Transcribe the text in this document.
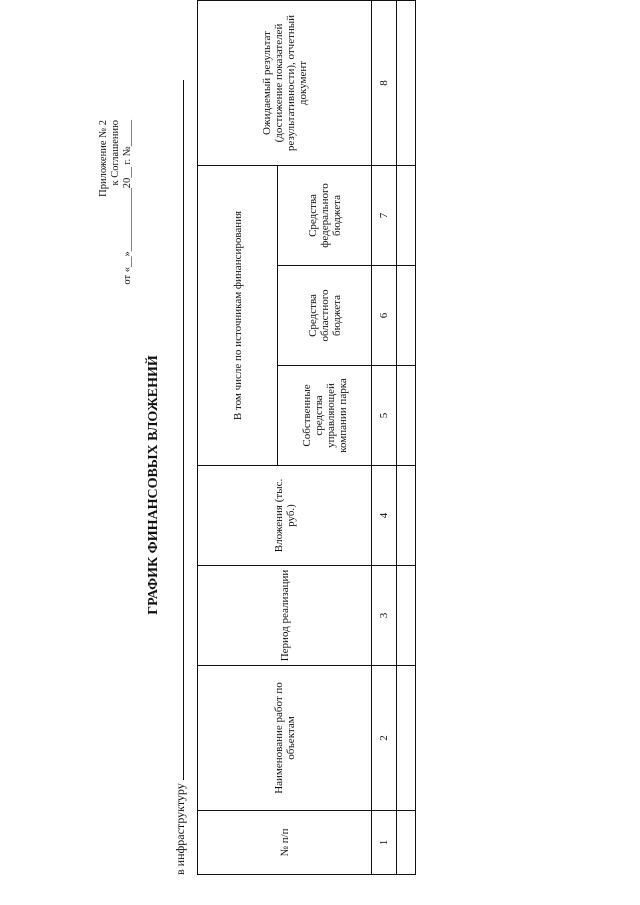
Приложение № 2 к Соглашению от «__»____________20__ г. №_____
ГРАФИК ФИНАНСОВЫХ ВЛОЖЕНИЙ
в инфраструктуру	№ п/п	Наименование работ по объектам	Период реализации	Вложения (тыс. руб.)	В том числе по источникам финансирования			Ожидаемый результат (достижение показателей результативности), отчетный документ
				Собственные средства управляющей компании парка	Средства областного бюджета	Средства федерального бюджета	
1	2	3	4	5	6	7	8
